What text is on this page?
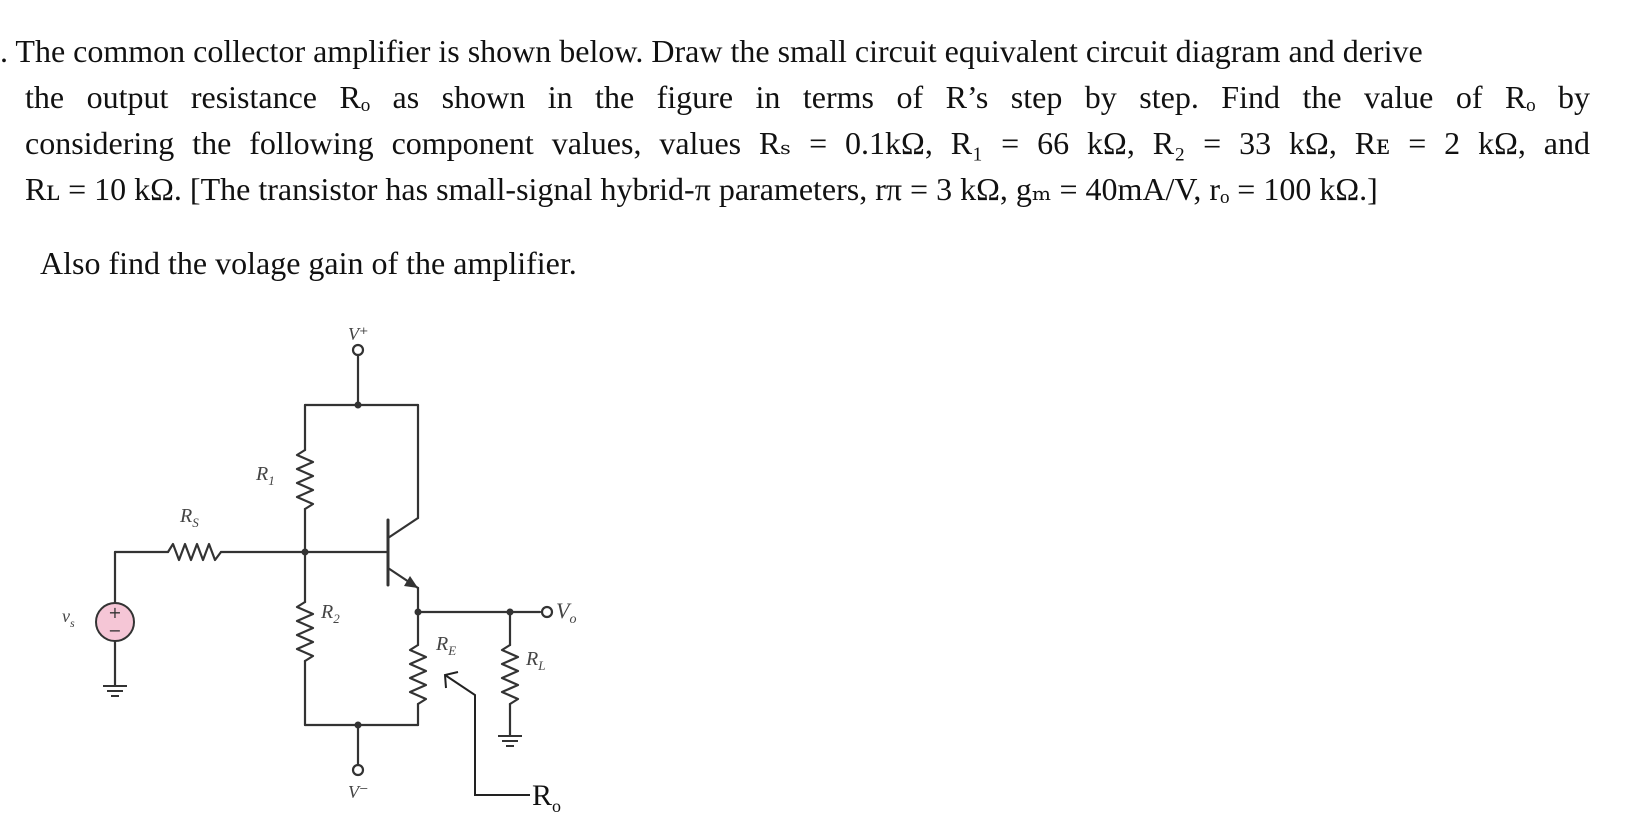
. The common collector amplifier is shown below. Draw the small circuit equivalent circuit diagram and derive
the output resistance Rₒ as shown in the figure in terms of R’s step by step. Find the value of Rₒ by
considering the following component values, values Rₛ = 0.1kΩ, R₁ = 66 kΩ, R₂ = 33 kΩ, Rᴇ = 2 kΩ, and
Rʟ = 10 kΩ. [The transistor has small-signal hybrid-π parameters, rπ = 3 kΩ, gₘ = 40mA/V, rₒ = 100 kΩ.]

Also find the volage gain of the amplifier.
+
−
V⁺
V⁻
$R_S$
$R_1$
$R_2$
$R_E$	$R_L$
$v_s$	$V_o$
$R_o$
